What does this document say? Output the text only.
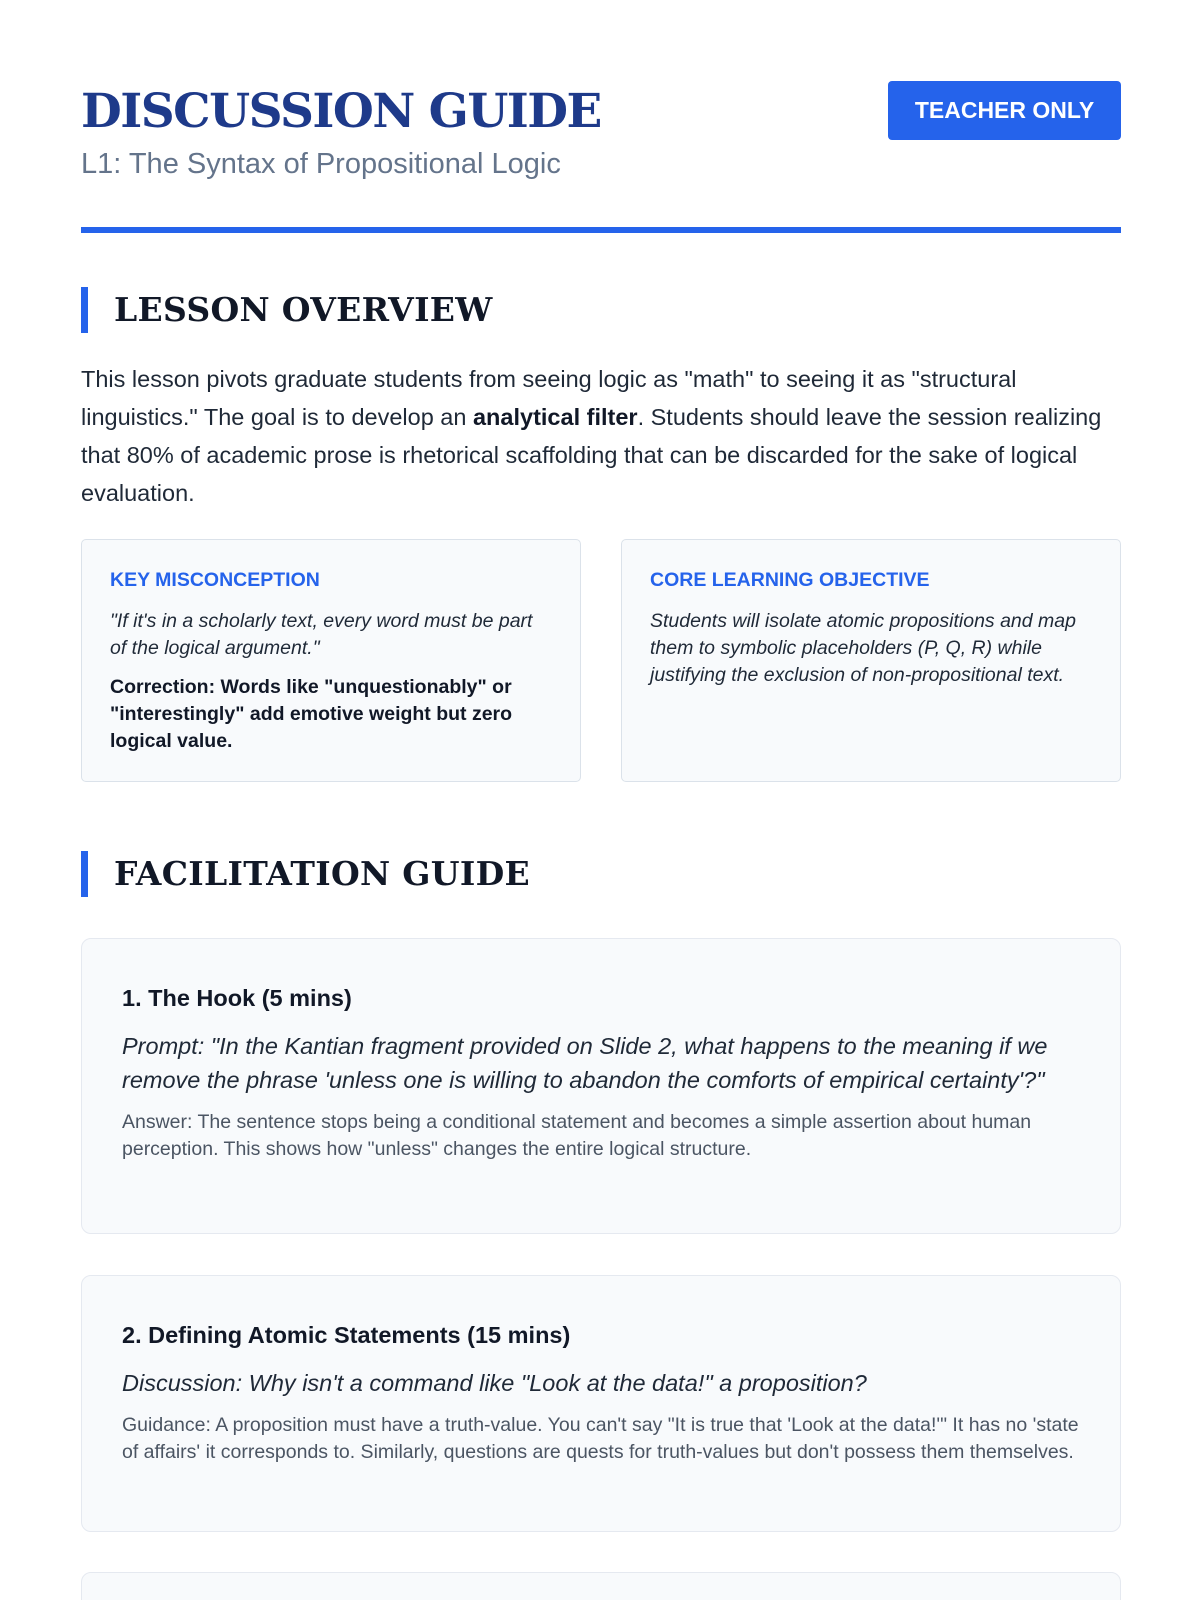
DISCUSSION GUIDE
L1: The Syntax of Propositional Logic
TEACHER ONLY
LESSON OVERVIEW

This lesson pivots graduate students from seeing logic as "math" to seeing it as "structural linguistics." The goal is to develop an analytical filter. Students should leave the session realizing that 80% of academic prose is rhetorical scaffolding that can be discarded for the sake of logical evaluation.

KEY MISCONCEPTION
"If it's in a scholarly text, every word must be part of the logical argument."
Correction: Words like "unquestionably" or "interestingly" add emotive weight but zero logical value.
CORE LEARNING OBJECTIVE
Students will isolate atomic propositions and map them to symbolic placeholders (P, Q, R) while justifying the exclusion of non-propositional text.
FACILITATION GUIDE
1. The Hook (5 mins)

Prompt: "In the Kantian fragment provided on Slide 2, what happens to the meaning if we remove the phrase 'unless one is willing to abandon the comforts of empirical certainty'?"

Answer: The sentence stops being a conditional statement and becomes a simple assertion about human perception. This shows how "unless" changes the entire logical structure.

2. Defining Atomic Statements (15 mins)

Discussion: Why isn't a command like "Look at the data!" a proposition?

Guidance: A proposition must have a truth-value. You can't say "It is true that 'Look at the data!'" It has no 'state of affairs' it corresponds to. Similarly, questions are quests for truth-values but don't possess them themselves.
